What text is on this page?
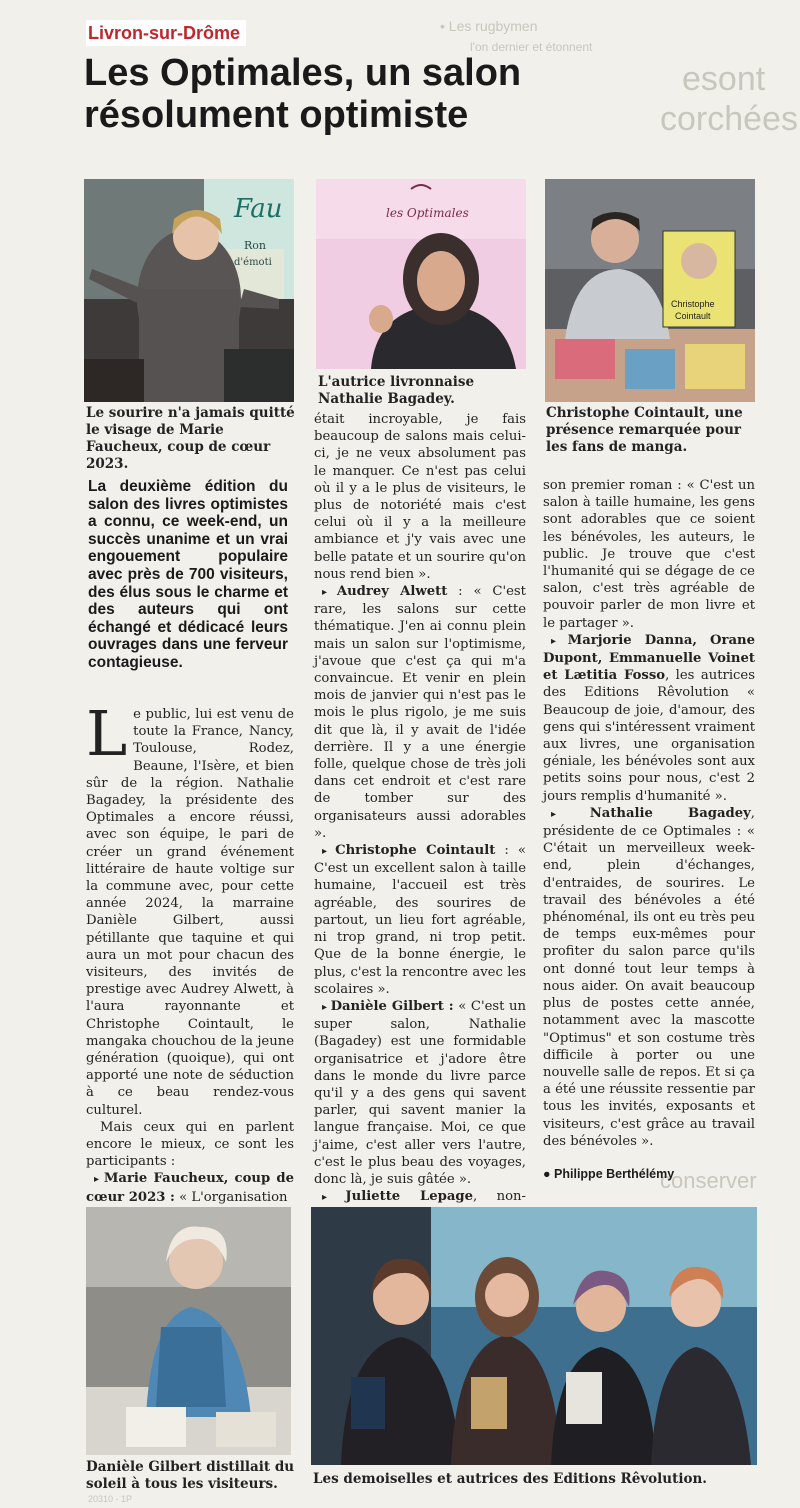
• Les rugbymen
l'on dernier et étonnent
esont
corchées
conserver
Livron-sur-Drôme
Les Optimales, un salon résolument optimiste
Fau
Ron
d'émoti
les Optimales
L'autrice livronnaise Nathalie Bagadey.
Christophe
Cointault
Le sourire n'a jamais quitté le visage de Marie Faucheux, coup de cœur 2023.
Christophe Cointault, une présence remarquée pour les fans de manga.
La deuxième édition du salon des livres optimistes a connu, ce week-end, un succès unanime et un vrai engouement populaire avec près de 700 visiteurs, des élus sous le charme et des auteurs qui ont échangé et dédicacé leurs ouvrages dans une ferveur contagieuse.

Le public, lui est venu de toute la France, Nancy, Toulouse, Rodez, Beaune, l'Isère, et bien sûr de la région. Nathalie Bagadey, la présidente des Optimales a encore réussi, avec son équipe, le pari de créer un grand événement littéraire de haute voltige sur la commune avec, pour cette année 2024, la marraine Danièle Gilbert, aussi pétillante que taquine et qui aura un mot pour chacun des visiteurs, des invités de prestige avec Audrey Alwett, à l'aura rayonnante et Christophe Cointault, le mangaka chouchou de la jeune génération (quoique), qui ont apporté une note de séduction à ce beau rendez-vous culturel.

Mais ceux qui en parlent encore le mieux, ce sont les participants :

▸ Marie Faucheux, coup de cœur 2023 : « L'organisation

était incroyable, je fais beaucoup de salons mais celui-ci, je ne veux absolument pas le manquer. Ce n'est pas celui où il y a le plus de visiteurs, le plus de notoriété mais c'est celui où il y a la meilleure ambiance et j'y vais avec une belle patate et un sourire qu'on nous rend bien ».

▸ Audrey Alwett : « C'est rare, les salons sur cette thématique. J'en ai connu plein mais un salon sur l'optimisme, j'avoue que c'est ça qui m'a convaincue. Et venir en plein mois de janvier qui n'est pas le mois le plus rigolo, je me suis dit que là, il y avait de l'idée derrière. Il y a une énergie folle, quelque chose de très joli dans cet endroit et c'est rare de tomber sur des organisateurs aussi adorables ».

▸ Christophe Cointault : « C'est un excellent salon à taille humaine, l'accueil est très agréable, des sourires de partout, un lieu fort agréable, ni trop grand, ni trop petit. Que de la bonne énergie, le plus, c'est la rencontre avec les scolaires ».

▸ Danièle Gilbert : « C'est un super salon, Nathalie (Bagadey) est une formidable organisatrice et j'adore être dans le monde du livre parce qu'il y a des gens qui savent parler, qui savent manier la langue française. Moi, ce que j'aime, c'est aller vers l'autre, c'est le plus beau des voyages, donc là, je suis gâtée ».

▸ Juliette Lepage, non-

son premier roman : « C'est un salon à taille humaine, les gens sont adorables que ce soient les bénévoles, les auteurs, le public. Je trouve que c'est l'humanité qui se dégage de ce salon, c'est très agréable de pouvoir parler de mon livre et le partager ».

▸ Marjorie Danna, Orane Dupont, Emmanuelle Voinet et Lætitia Fosso, les autrices des Editions Rêvolution « Beaucoup de joie, d'amour, des gens qui s'intéressent vraiment aux livres, une organisation géniale, les bénévoles sont aux petits soins pour nous, c'est 2 jours remplis d'humanité ».

▸ Nathalie Bagadey, présidente de ce Optimales : « C'était un merveilleux week-end, plein d'échanges, d'entraides, de sourires. Le travail des bénévoles a été phénoménal, ils ont eu très peu de temps eux-mêmes pour profiter du salon parce qu'ils ont donné tout leur temps à nous aider. On avait beaucoup plus de postes cette année, notamment avec la mascotte "Optimus" et son costume très difficile à porter ou une nouvelle salle de repos. Et si ça a été une réussite ressentie par tous les invités, exposants et visiteurs, c'est grâce au travail des bénévoles ».

● Philippe Berthélémy
Danièle Gilbert distillait du soleil à tous les visiteurs.	Les demoiselles et autrices des Editions Rêvolution.
20310 - 1P
